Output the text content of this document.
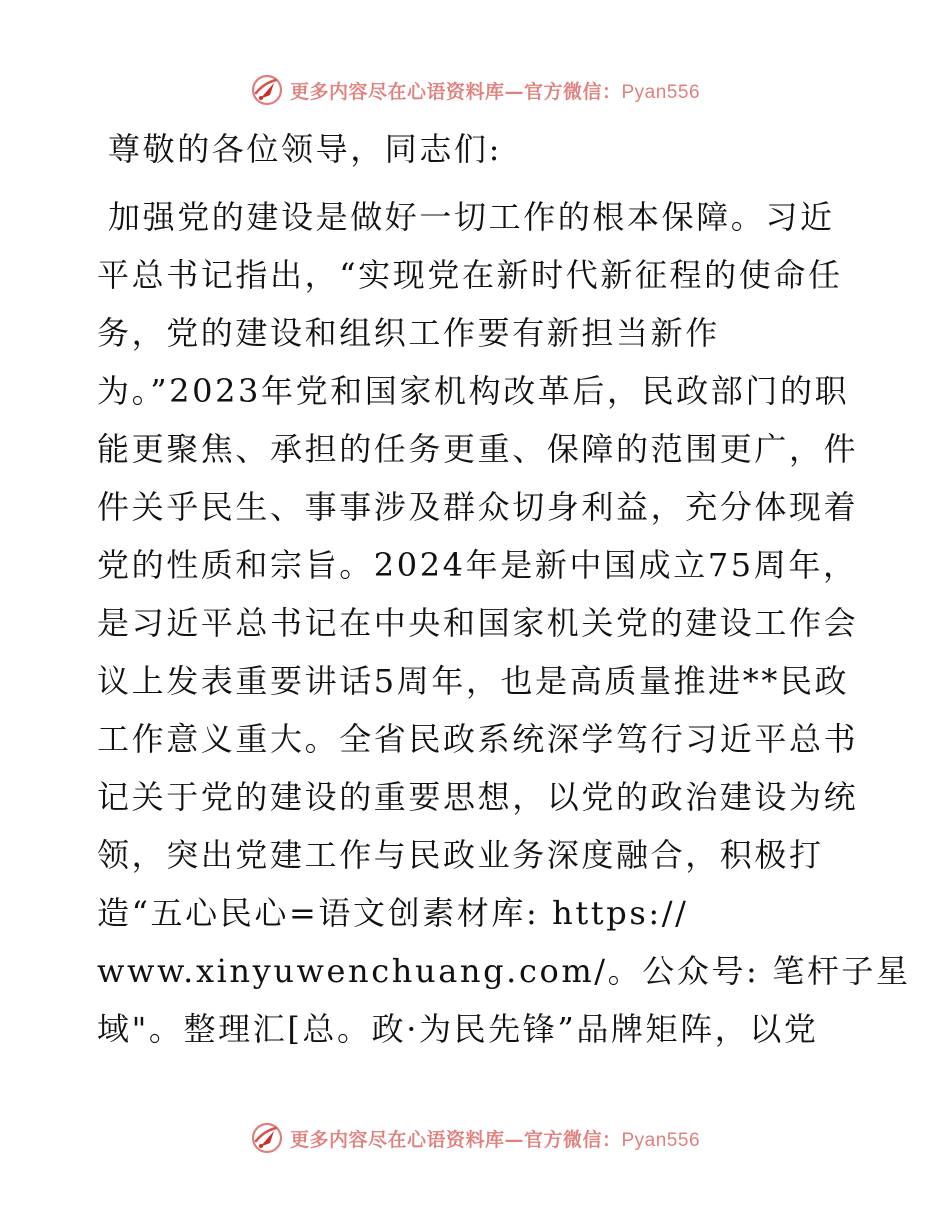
更多内容尽在心语资料库—官方微信：Pyan556
尊敬的各位领导，同志们:
加强党的建设是做好一切工作的根本保障。习近
平总书记指出，“实现党在新时代新征程的使命任
务，党的建设和组织工作要有新担当新作
为。”2023年党和国家机构改革后，民政部门的职
能更聚焦、承担的任务更重、保障的范围更广，件
件关乎民生、事事涉及群众切身利益，充分体现着
党的性质和宗旨。2024年是新中国成立75周年，
是习近平总书记在中央和国家机关党的建设工作会
议上发表重要讲话5周年，也是高质量推进**民政
工作意义重大。全省民政系统深学笃行习近平总书
记关于党的建设的重要思想，以党的政治建设为统
领，突出党建工作与民政业务深度融合，积极打
造“五心民心=语文创素材库: https://
www.xinyuwenchuang.com/。公众号: 笔杆子星
域"。整理汇[总。政·为民先锋”品牌矩阵，以党
更多内容尽在心语资料库—官方微信：Pyan556
